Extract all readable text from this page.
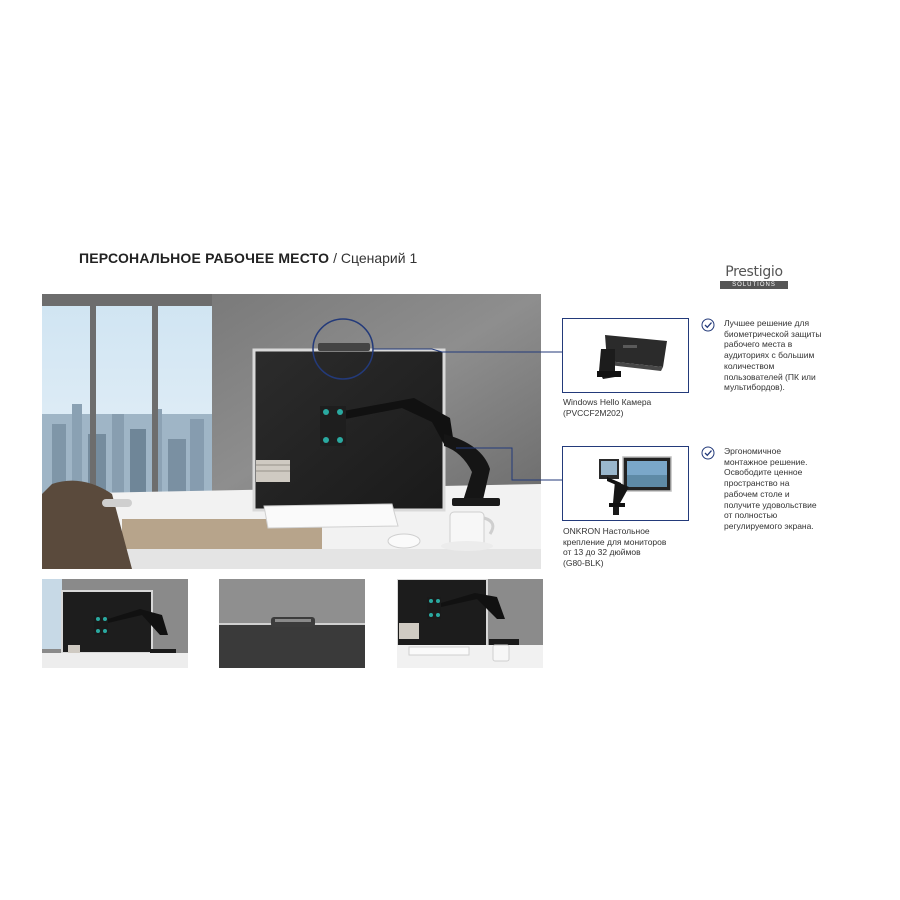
ПЕРСОНАЛЬНОЕ РАБОЧЕЕ МЕСТО / Сценарий 1
Prestigio
SOLUTIONS
Windows Hello Камера
(PVCCF2M202)
ONKRON Настольное
крепление для мониторов
от 13 до 32 дюймов
(G80-BLK)
Лучшее решение для
биометрической защиты
рабочего места в
аудиториях с большим
количеством
пользователей (ПК или
мультибордов).
Эргономичное
монтажное решение.
Освободите ценное
пространство на
рабочем столе и
получите удовольствие
от полностью
регулируемого экрана.
